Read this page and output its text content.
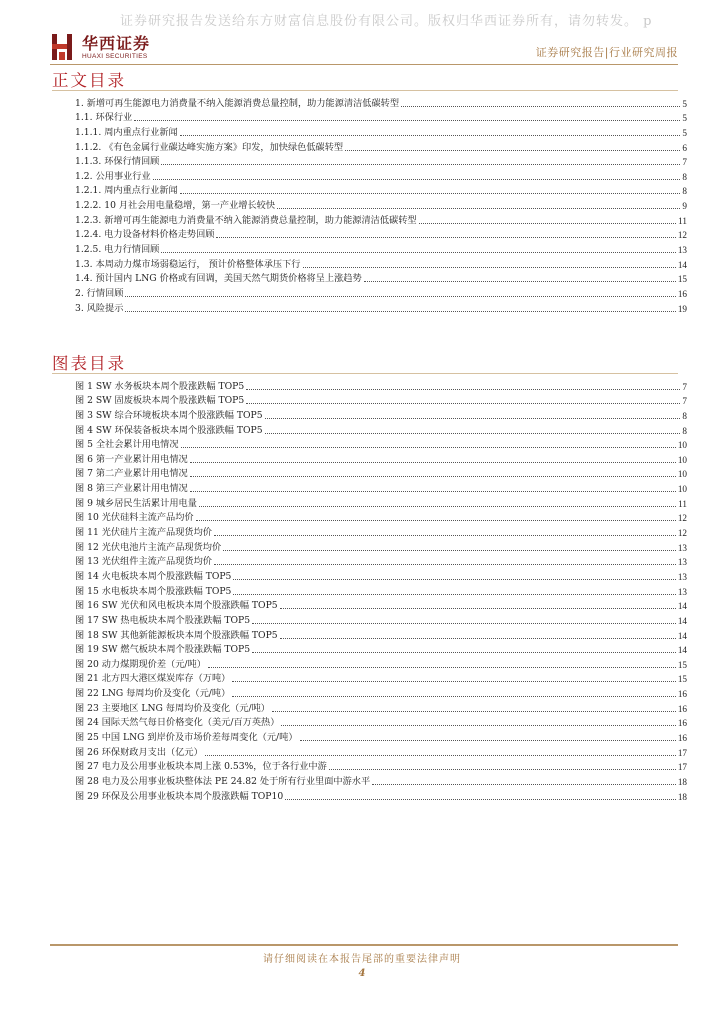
证券研究报告发送给东方财富信息股份有限公司。版权归华西证券所有，请勿转发。 p
华西证券
HUAXI SECURITIES	证券研究报告|行业研究周报
正文目录
1. 新增可再生能源电力消费量不纳入能源消费总量控制，助力能源清洁低碳转型	5
1.1. 环保行业	5
1.1.1. 周内重点行业新闻	5
1.1.2. 《有色金属行业碳达峰实施方案》印发，加快绿色低碳转型	6
1.1.3. 环保行情回顾	7
1.2. 公用事业行业	8
1.2.1. 周内重点行业新闻	8
1.2.2. 10 月社会用电量稳增，第一产业增长较快	9
1.2.3. 新增可再生能源电力消费量不纳入能源消费总量控制，助力能源清洁低碳转型	11
1.2.4. 电力设备材料价格走势回顾	12
1.2.5. 电力行情回顾	13
1.3. 本周动力煤市场弱稳运行， 预计价格整体承压下行	14
1.4. 预计国内 LNG 价格或有回调，美国天然气期货价格将呈上涨趋势	15
2. 行情回顾	16
3. 风险提示	19
图表目录
图 1 SW 水务板块本周个股涨跌幅 TOP5	7
图 2 SW 固废板块本周个股涨跌幅 TOP5	7
图 3 SW 综合环境板块本周个股涨跌幅 TOP5	8
图 4 SW 环保装备板块本周个股涨跌幅 TOP5	8
图 5 全社会累计用电情况	10
图 6 第一产业累计用电情况	10
图 7 第二产业累计用电情况	10
图 8 第三产业累计用电情况	10
图 9 城乡居民生活累计用电量	11
图 10 光伏硅料主流产品均价	12
图 11 光伏硅片主流产品现货均价	12
图 12 光伏电池片主流产品现货均价	13
图 13 光伏组件主流产品现货均价	13
图 14 火电板块本周个股涨跌幅 TOP5	13
图 15 水电板块本周个股涨跌幅 TOP5	13
图 16 SW 光伏和风电板块本周个股涨跌幅 TOP5	14
图 17 SW 热电板块本周个股涨跌幅 TOP5	14
图 18 SW 其他新能源板块本周个股涨跌幅 TOP5	14
图 19 SW 燃气板块本周个股涨跌幅 TOP5	14
图 20 动力煤期现价差（元/吨）	15
图 21 北方四大港区煤炭库存（万吨）	15
图 22 LNG 每周均价及变化（元/吨）	16
图 23 主要地区 LNG 每周均价及变化（元/吨）	16
图 24 国际天然气每日价格变化（美元/百万英热）	16
图 25 中国 LNG 到岸价及市场价差每周变化（元/吨）	16
图 26 环保财政月支出（亿元）	17
图 27 电力及公用事业板块本周上涨 0.53%，位于各行业中游	17
图 28 电力及公用事业板块整体法 PE 24.82 处于所有行业里面中游水平	18
图 29 环保及公用事业板块本周个股涨跌幅 TOP10	18
请仔细阅读在本报告尾部的重要法律声明
4
